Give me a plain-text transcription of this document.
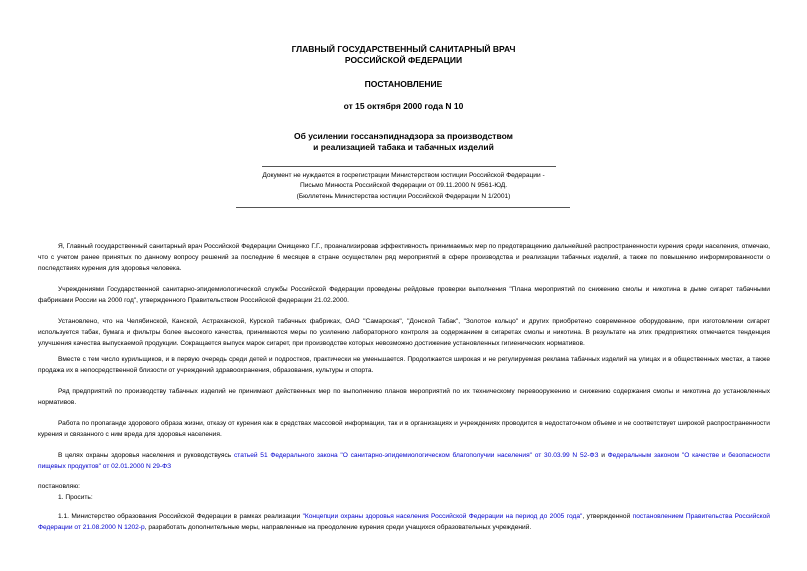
ГЛАВНЫЙ ГОСУДАРСТВЕННЫЙ САНИТАРНЫЙ ВРАЧ
РОССИЙСКОЙ ФЕДЕРАЦИИ
ПОСТАНОВЛЕНИЕ
от 15 октября 2000 года N 10
Об усилении госсанэпиднадзора за производством
и реализацией табака и табачных изделий
Документ не нуждается в госрегистрации Министерством юстиции Российской Федерации -
Письмо Минюста Российской Федерации от 09.11.2000 N 9561-ЮД.
(Бюллетень Министерства юстиции Российской Федерации N 1/2001)
Я, Главный государственный санитарный врач Российской Федерации Онищенко Г.Г., проанализировав эффективность принимаемых мер по предотвращению дальнейшей распространенности курения среди населения, отмечаю, что с учетом ранее принятых по данному вопросу решений за последние 6 месяцев в стране осуществлен ряд мероприятий в сфере производства и реализации табачных изделий, а также по повышению информированности о последствиях курения для здоровья человека.
Учреждениями Государственной санитарно-эпидемиологической службы Российской Федерации проведены рейдовые проверки выполнения "Плана мероприятий по снижению смолы и никотина в дыме сигарет табачными фабриками России на 2000 год", утвержденного Правительством Российской федерации 21.02.2000.
Установлено, что на Челябинской, Канской, Астраханской, Курской табачных фабриках, ОАО "Самарская", "Донской Табак", "Золотое кольцо" и других приобретено современное оборудование, при изготовлении сигарет используется табак, бумага и фильтры более высокого качества, принимаются меры по усилению лабораторного контроля за содержанием в сигаретах смолы и никотина. В результате на этих предприятиях отмечается тенденция улучшения качества выпускаемой продукции. Сокращается выпуск марок сигарет, при производстве которых невозможно достижение установленных гигиенических нормативов.
Вместе с тем число курильщиков, и в первую очередь среди детей и подростков, практически не уменьшается. Продолжается широкая и не регулируемая реклама табачных изделий на улицах и в общественных местах, а также продажа их в непосредственной близости от учреждений здравоохранения, образования, культуры и спорта.
Ряд предприятий по производству табачных изделий не принимают действенных мер по выполнению планов мероприятий по их техническому перевооружению и снижению содержания смолы и никотина до установленных нормативов.
Работа по пропаганде здорового образа жизни, отказу от курения как в средствах массовой информации, так и в организациях и учреждениях проводится в недостаточном объеме и не соответствует широкой распространенности курения и связанного с ним вреда для здоровья населения.
В целях охраны здоровья населения и руководствуясь статьей 51 Федерального закона "О санитарно-эпидемиологическом благополучии населения" от 30.03.99 N 52-ФЗ и Федеральным законом "О качестве и безопасности пищевых продуктов" от 02.01.2000 N 29-ФЗ
постановляю:
1. Просить:
1.1. Министерство образования Российской Федерации в рамках реализации "Концепции охраны здоровья населения Российской Федерации на период до 2005 года", утвержденной постановлением Правительства Российской Федерации от 21.08.2000 N 1202-р, разработать дополнительные меры, направленные на преодоление курения среди учащихся образовательных учреждений.
